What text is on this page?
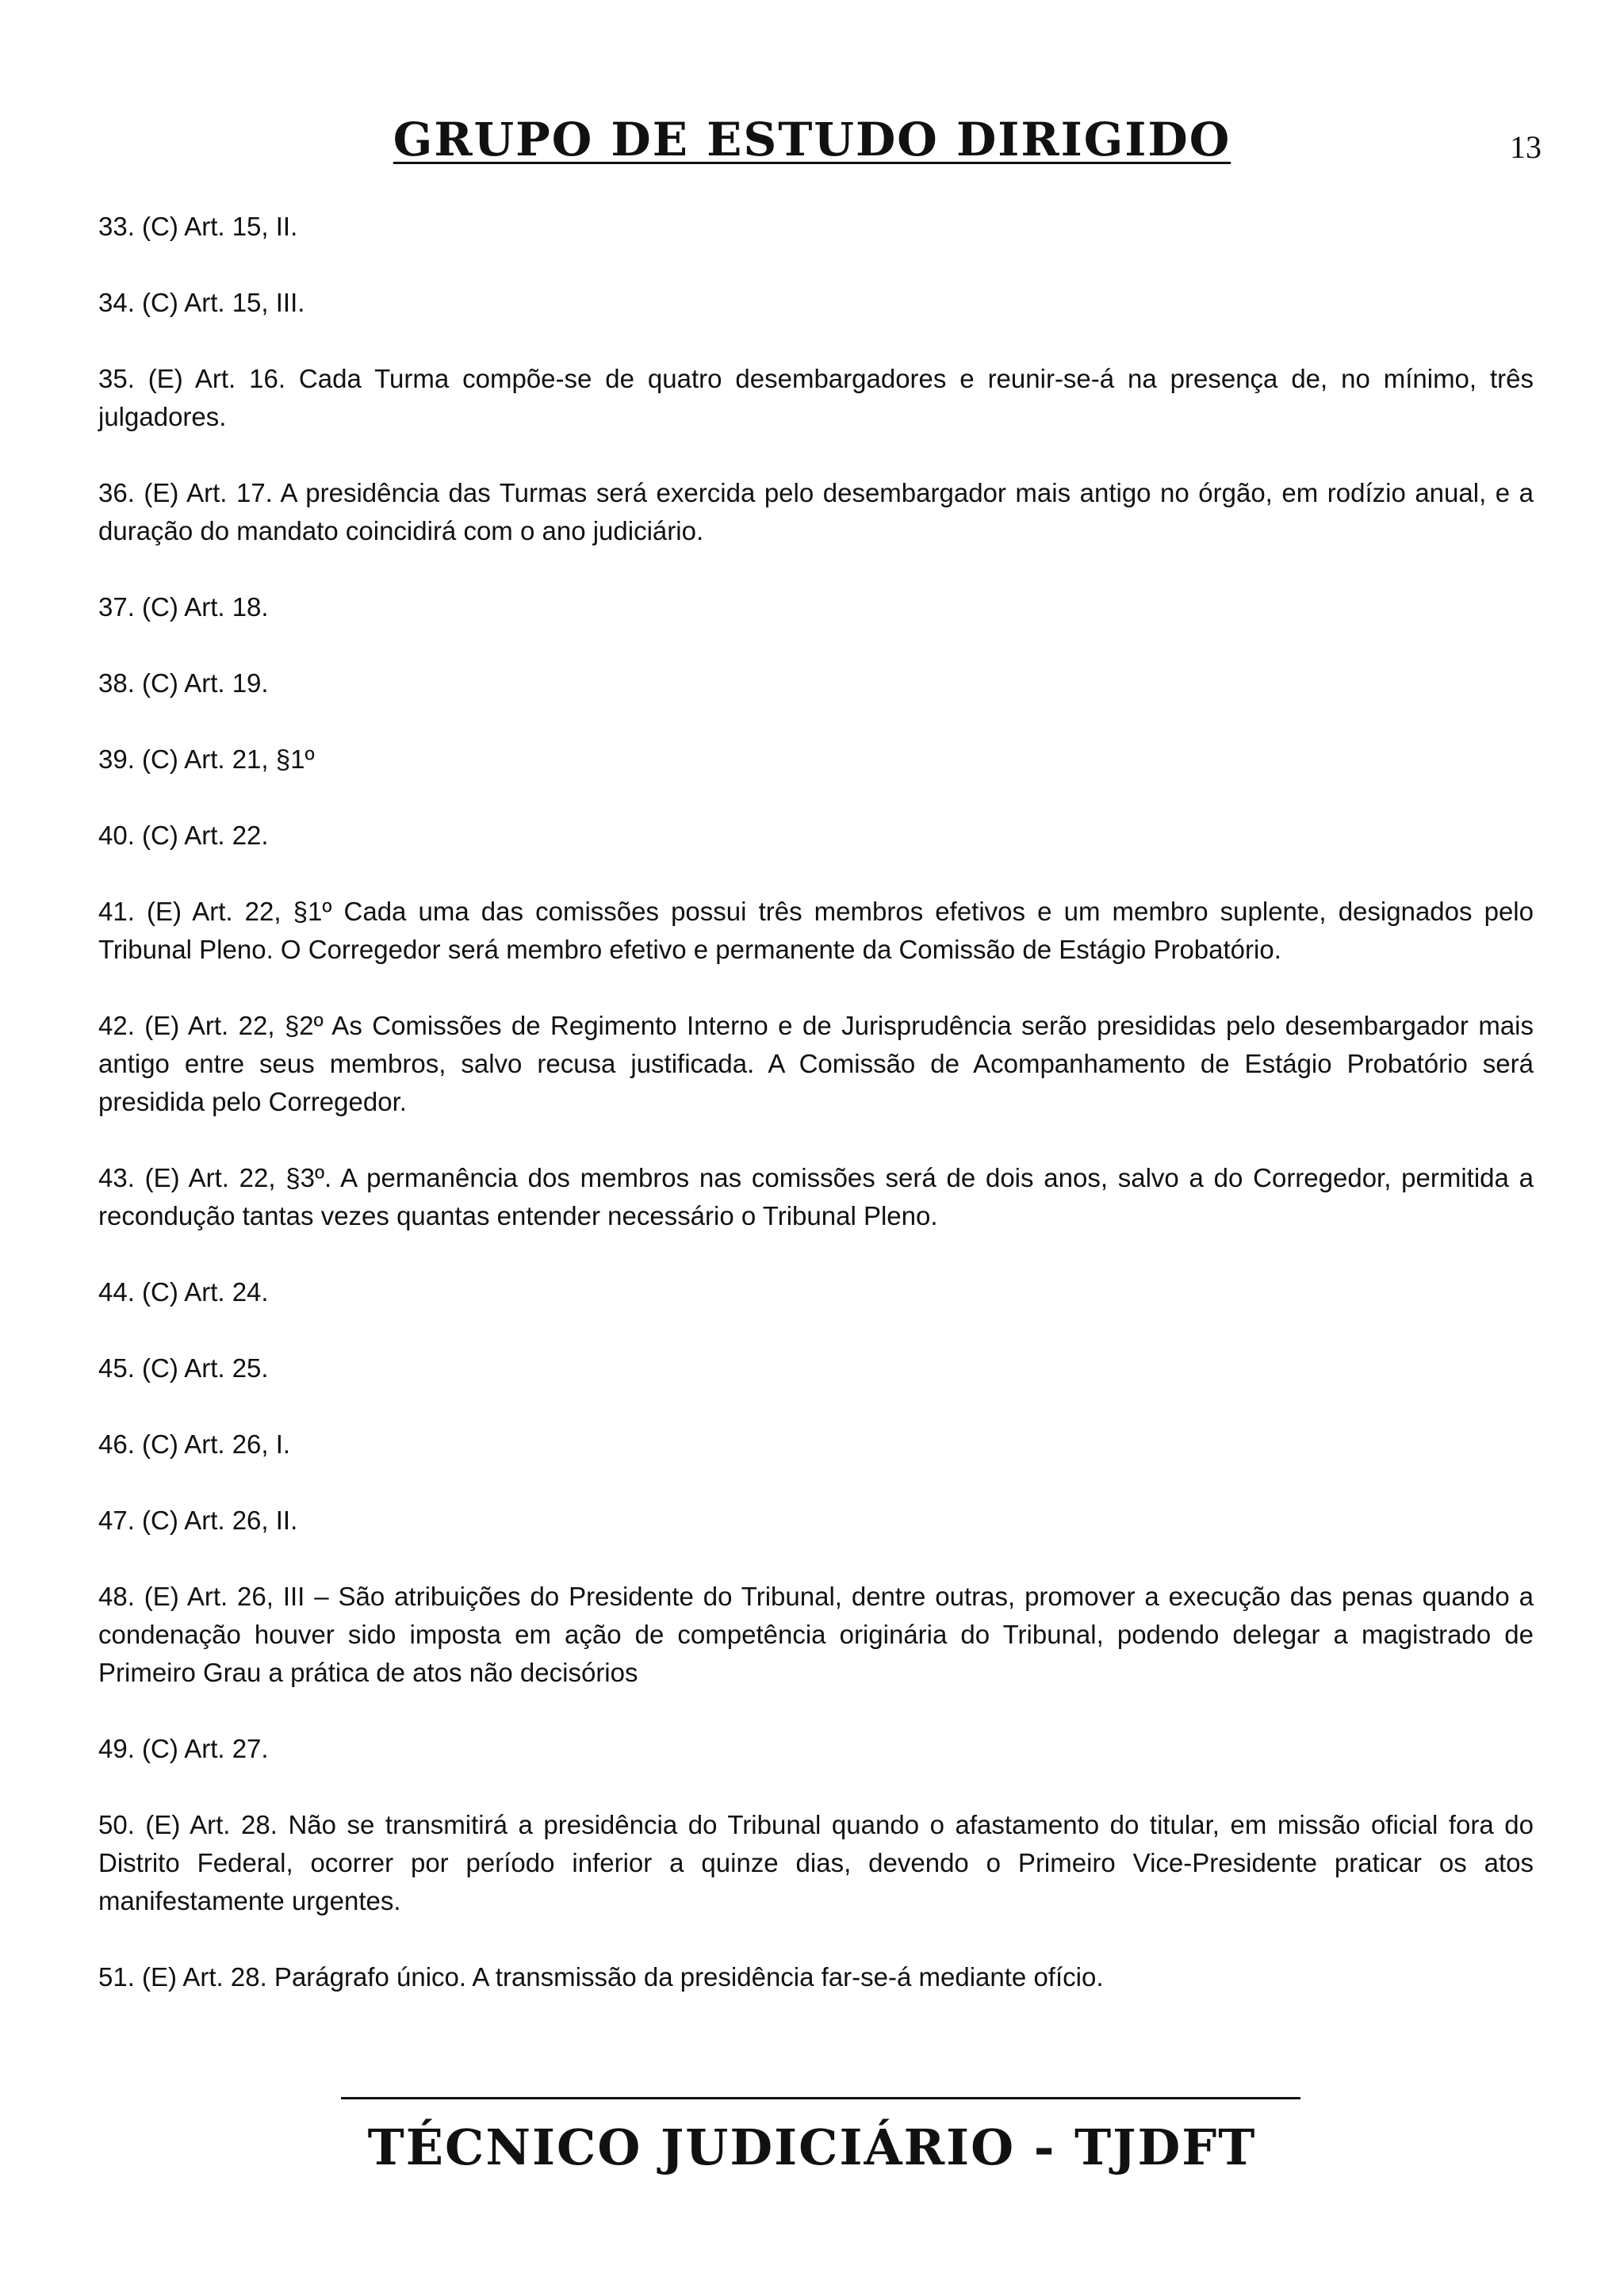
GRUPO DE ESTUDO DIRIGIDO	13

33. (C) Art. 15, II.

34. (C) Art. 15, III.

35. (E) Art. 16. Cada Turma compõe-se de quatro desembargadores e reunir-se-á na presença de, no mínimo, três julgadores.

36. (E) Art. 17. A presidência das Turmas será exercida pelo desembargador mais antigo no órgão, em rodízio anual, e a duração do mandato coincidirá com o ano judiciário.

37. (C) Art. 18.

38. (C) Art. 19.

39. (C) Art. 21, §1º

40. (C) Art. 22.

41. (E) Art. 22, §1º Cada uma das comissões possui três membros efetivos e um membro suplente, designados pelo Tribunal Pleno. O Corregedor será membro efetivo e permanente da Comissão de Estágio Probatório.

42. (E) Art. 22, §2º As Comissões de Regimento Interno e de Jurisprudência serão presididas pelo desembargador mais antigo entre seus membros, salvo recusa justificada. A Comissão de Acompanhamento de Estágio Probatório será presidida pelo Corregedor.

43. (E) Art. 22, §3º. A permanência dos membros nas comissões será de dois anos, salvo a do Corregedor, permitida a recondução tantas vezes quantas entender necessário o Tribunal Pleno.

44. (C) Art. 24.

45. (C) Art. 25.

46. (C) Art. 26, I.

47. (C) Art. 26, II.

48. (E) Art. 26, III – São atribuições do Presidente do Tribunal, dentre outras, promover a execução das penas quando a condenação houver sido imposta em ação de competência originária do Tribunal, podendo delegar a magistrado de Primeiro Grau a prática de atos não decisórios

49. (C) Art. 27.

50. (E) Art. 28. Não se transmitirá a presidência do Tribunal quando o afastamento do titular, em missão oficial fora do Distrito Federal, ocorrer por período inferior a quinze dias, devendo o Primeiro Vice-Presidente praticar os atos manifestamente urgentes.

51. (E) Art. 28. Parágrafo único. A transmissão da presidência far-se-á mediante ofício.

TÉCNICO JUDICIÁRIO - TJDFT
